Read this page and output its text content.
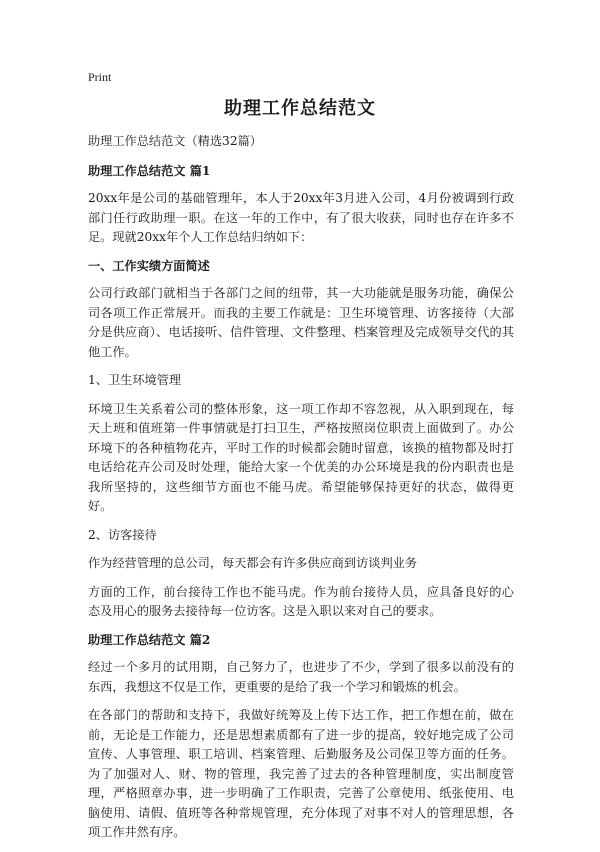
Print
助理工作总结范文

助理工作总结范文（精选32篇）

助理工作总结范文 篇1

20xx年是公司的基础管理年，本人于20xx年3月进入公司，4月份被调到行政部门任行政助理一职。在这一年的工作中，有了很大收获，同时也存在许多不足。现就20xx年个人工作总结归纳如下：

一、工作实绩方面简述

公司行政部门就相当于各部门之间的纽带，其一大功能就是服务功能，确保公司各项工作正常展开。而我的主要工作就是：卫生环境管理、访客接待（大部分是供应商）、电话接听、信件管理、文件整理、档案管理及完成领导交代的其他工作。

1、卫生环境管理

环境卫生关系着公司的整体形象，这一项工作却不容忽视，从入职到现在，每天上班和值班第一件事情就是打扫卫生，严格按照岗位职责上面做到了。办公环境下的各种植物花卉，平时工作的时候都会随时留意，该换的植物都及时打电话给花卉公司及时处理，能给大家一个优美的办公环境是我的份内职责也是我所坚持的，这些细节方面也不能马虎。希望能够保持更好的状态，做得更好。

2、访客接待

作为经营管理的总公司，每天都会有许多供应商到访谈判业务

方面的工作，前台接待工作也不能马虎。作为前台接待人员，应具备良好的心态及用心的服务去接待每一位访客。这是入职以来对自己的要求。

助理工作总结范文 篇2

经过一个多月的试用期，自己努力了，也进步了不少，学到了很多以前没有的东西，我想这不仅是工作，更重要的是给了我一个学习和锻炼的机会。

在各部门的帮助和支持下，我做好统筹及上传下达工作，把工作想在前，做在前，无论是工作能力，还是思想素质都有了进一步的提高，较好地完成了公司宣传、人事管理、职工培训、档案管理、后勤服务及公司保卫等方面的任务。为了加强对人、财、物的管理，我完善了过去的各种管理制度，实出制度管理，严格照章办事，进一步明确了工作职责，完善了公章使用、纸张使用、电脑使用、请假、值班等各种常规管理，充分体现了对事不对人的管理思想，各项工作井然有序。
